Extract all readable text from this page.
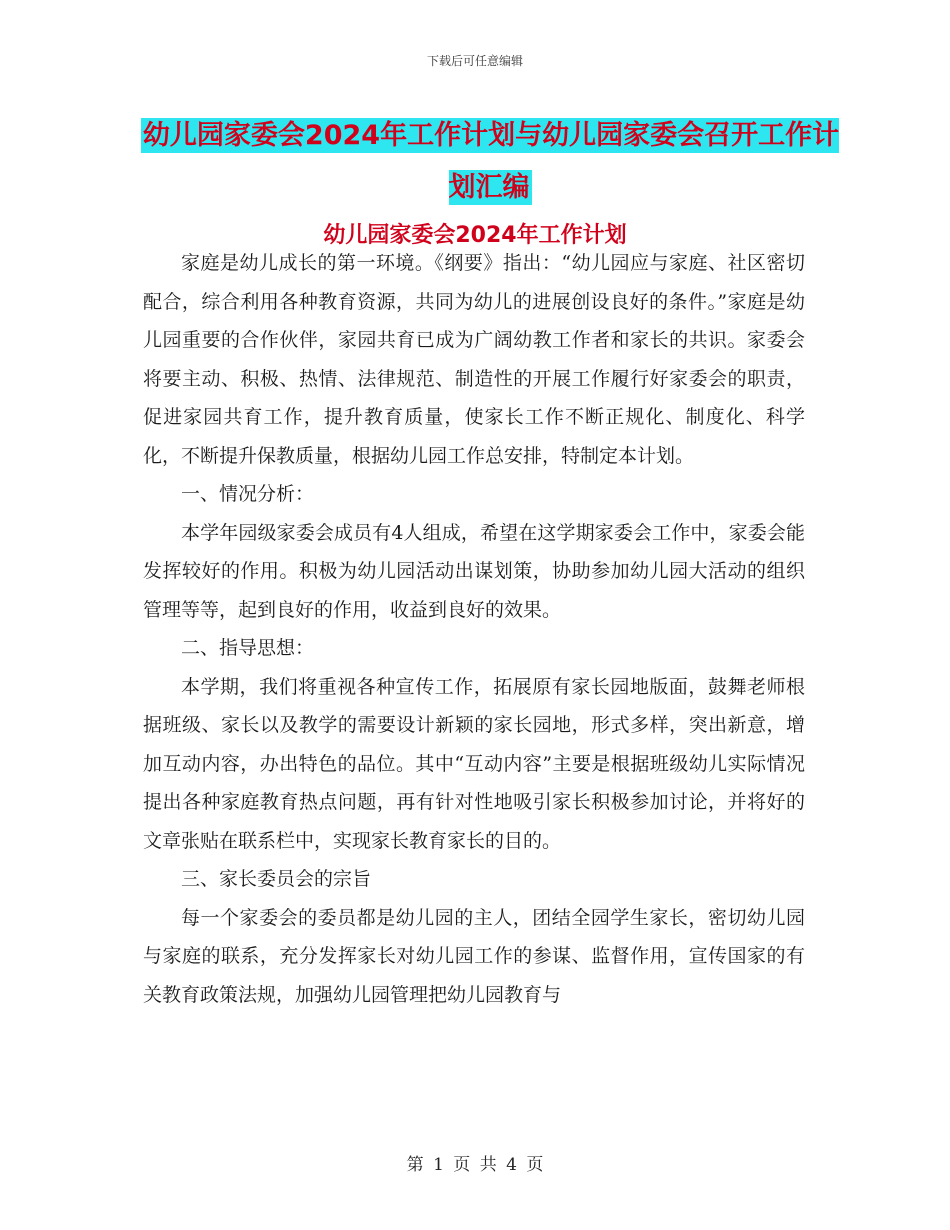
下载后可任意编辑
幼儿园家委会2024年工作计划与幼儿园家委会召开工作计划汇编
幼儿园家委会2024年工作计划

家庭是幼儿成长的第一环境。《纲要》指出：“幼儿园应与家庭、社区密切配合，综合利用各种教育资源，共同为幼儿的进展创设良好的条件。”家庭是幼儿园重要的合作伙伴，家园共育已成为广阔幼教工作者和家长的共识。家委会将要主动、积极、热情、法律规范、制造性的开展工作履行好家委会的职责，促进家园共育工作，提升教育质量，使家长工作不断正规化、制度化、科学化，不断提升保教质量，根据幼儿园工作总安排，特制定本计划。

一、情况分析：

本学年园级家委会成员有4人组成，希望在这学期家委会工作中，家委会能发挥较好的作用。积极为幼儿园活动出谋划策，协助参加幼儿园大活动的组织管理等等，起到良好的作用，收益到良好的效果。

二、指导思想：

本学期，我们将重视各种宣传工作，拓展原有家长园地版面，鼓舞老师根据班级、家长以及教学的需要设计新颖的家长园地，形式多样，突出新意，增加互动内容，办出特色的品位。其中“互动内容”主要是根据班级幼儿实际情况提出各种家庭教育热点问题，再有针对性地吸引家长积极参加讨论，并将好的文章张贴在联系栏中，实现家长教育家长的目的。

三、家长委员会的宗旨

每一个家委会的委员都是幼儿园的主人，团结全园学生家长，密切幼儿园与家庭的联系，充分发挥家长对幼儿园工作的参谋、监督作用，宣传国家的有关教育政策法规，加强幼儿园管理把幼儿园教育与

第 1 页 共 4 页
